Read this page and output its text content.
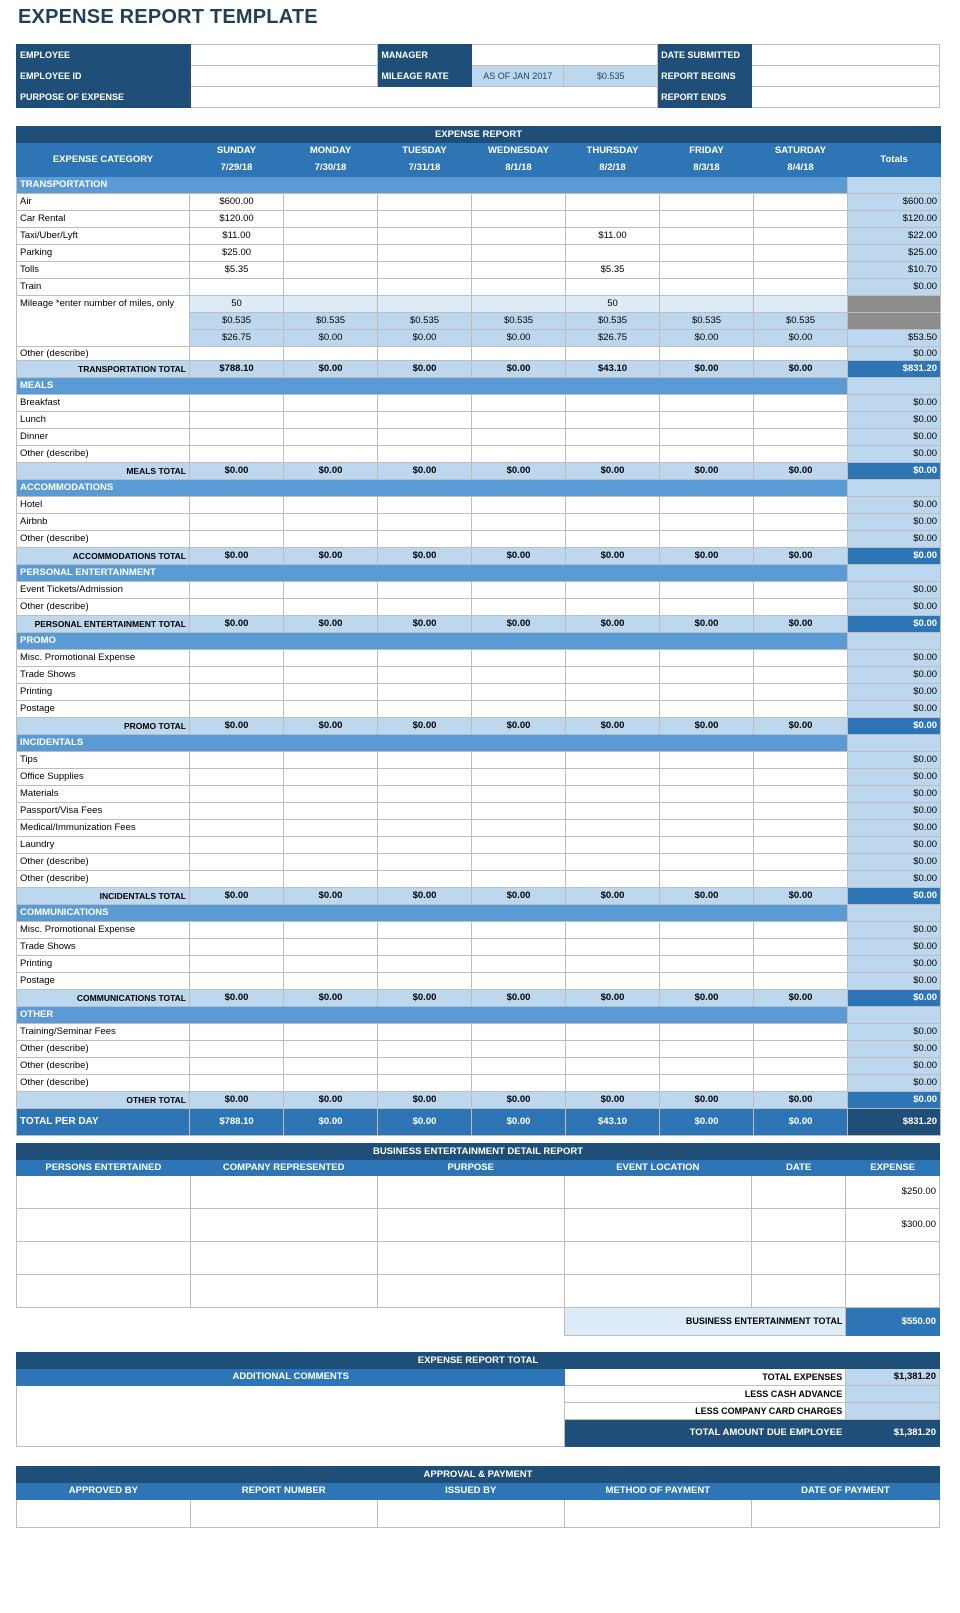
EXPENSE REPORT TEMPLATE
EMPLOYEE		MANAGER			DATE SUBMITTED	
EMPLOYEE ID		MILEAGE RATE	AS OF JAN 2017	$0.535	REPORT BEGINS	
PURPOSE OF EXPENSE					REPORT ENDS	
EXPENSE REPORT								
EXPENSE CATEGORY	SUNDAY	MONDAY	TUESDAY	WEDNESDAY	THURSDAY	FRIDAY	SATURDAY	Totals
	7/29/18	7/30/18	7/31/18	8/1/18	8/2/18	8/3/18	8/4/18	
TRANSPORTATION								
Air	$600.00							$600.00
Car Rental	$120.00							$120.00
Taxi/Uber/Lyft	$11.00				$11.00			$22.00
Parking	$25.00							$25.00
Tolls	$5.35				$5.35			$10.70
Train								$0.00
Mileage *enter number of miles, only	50				50			
	$0.535	$0.535	$0.535	$0.535	$0.535	$0.535	$0.535	
	$26.75	$0.00	$0.00	$0.00	$26.75	$0.00	$0.00	$53.50
Other (describe)								$0.00
TRANSPORTATION TOTAL	$788.10	$0.00	$0.00	$0.00	$43.10	$0.00	$0.00	$831.20
MEALS								
Breakfast								$0.00
Lunch								$0.00
Dinner								$0.00
Other (describe)								$0.00
MEALS TOTAL	$0.00	$0.00	$0.00	$0.00	$0.00	$0.00	$0.00	$0.00
ACCOMMODATIONS								
Hotel								$0.00
Airbnb								$0.00
Other (describe)								$0.00
ACCOMMODATIONS TOTAL	$0.00	$0.00	$0.00	$0.00	$0.00	$0.00	$0.00	$0.00
PERSONAL ENTERTAINMENT								
Event Tickets/Admission								$0.00
Other (describe)								$0.00
PERSONAL ENTERTAINMENT TOTAL	$0.00	$0.00	$0.00	$0.00	$0.00	$0.00	$0.00	$0.00
PROMO								
Misc. Promotional Expense								$0.00
Trade Shows								$0.00
Printing								$0.00
Postage								$0.00
PROMO TOTAL	$0.00	$0.00	$0.00	$0.00	$0.00	$0.00	$0.00	$0.00
INCIDENTALS								
Tips								$0.00
Office Supplies								$0.00
Materials								$0.00
Passport/Visa Fees								$0.00
Medical/Immunization Fees								$0.00
Laundry								$0.00
Other (describe)								$0.00
Other (describe)								$0.00
INCIDENTALS TOTAL	$0.00	$0.00	$0.00	$0.00	$0.00	$0.00	$0.00	$0.00
COMMUNICATIONS								
Misc. Promotional Expense								$0.00
Trade Shows								$0.00
Printing								$0.00
Postage								$0.00
COMMUNICATIONS TOTAL	$0.00	$0.00	$0.00	$0.00	$0.00	$0.00	$0.00	$0.00
OTHER								
Training/Seminar Fees								$0.00
Other (describe)								$0.00
Other (describe)								$0.00
Other (describe)								$0.00
OTHER TOTAL	$0.00	$0.00	$0.00	$0.00	$0.00	$0.00	$0.00	$0.00
TOTAL PER DAY	$788.10	$0.00	$0.00	$0.00	$43.10	$0.00	$0.00	$831.20
BUSINESS ENTERTAINMENT DETAIL REPORT					
PERSONS ENTERTAINED	COMPANY REPRESENTED	PURPOSE	EVENT LOCATION	DATE	EXPENSE
					$250.00
					$300.00

			BUSINESS ENTERTAINMENT TOTAL		$550.00
EXPENSE REPORT TOTAL		
ADDITIONAL COMMENTS	TOTAL EXPENSES	$1,381.20
	LESS CASH ADVANCE	
	LESS COMPANY CARD CHARGES	
	TOTAL AMOUNT DUE EMPLOYEE	$1,381.20
APPROVAL & PAYMENT				
APPROVED BY	REPORT NUMBER	ISSUED BY	METHOD OF PAYMENT	DATE OF PAYMENT
